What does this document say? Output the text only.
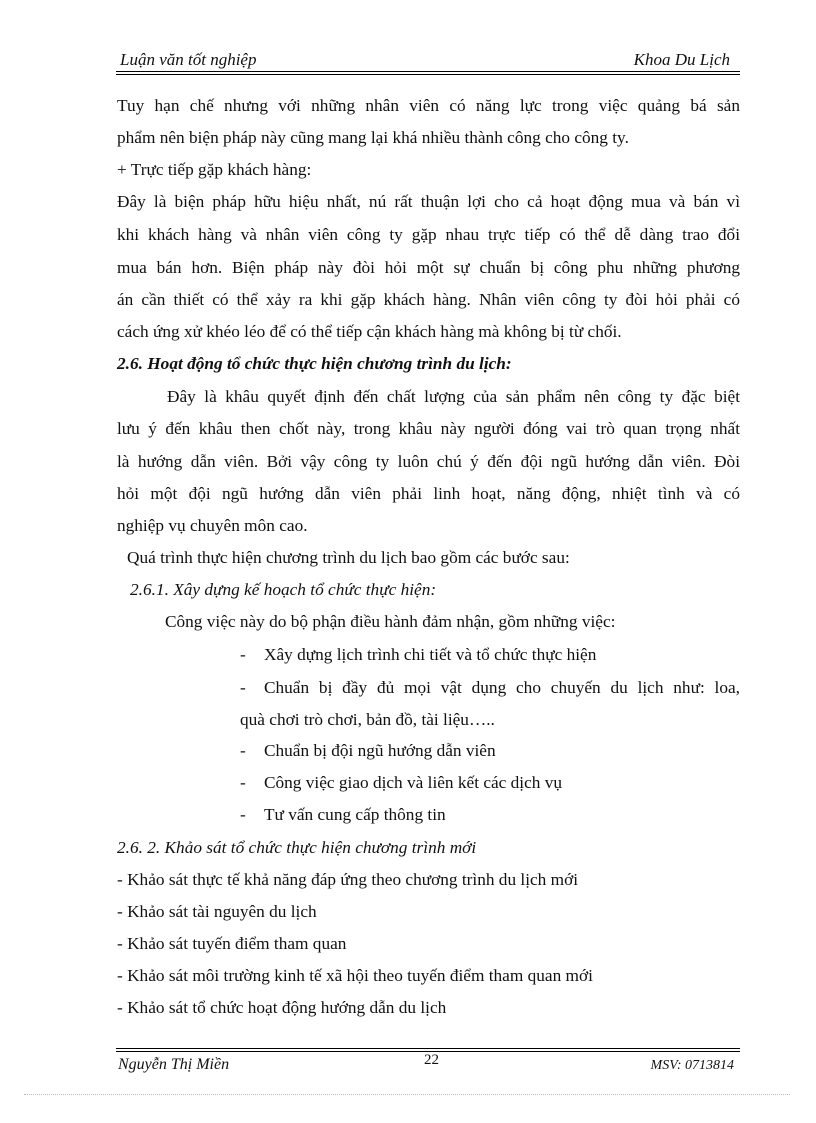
Luận văn tốt nghiệp	Khoa Du Lịch
Tuy hạn chế nhưng với những nhân viên có năng lực trong việc quảng bá sản
phẩm nên biện pháp này cũng mang lại khá nhiều thành công cho công ty.
+ Trực tiếp gặp khách hàng:
Đây là biện pháp hữu hiệu nhất, nú rất thuận lợi cho cả hoạt động mua và bán vì
khi khách hàng và nhân viên công ty gặp nhau trực tiếp có thể dễ dàng trao đổi
mua bán hơn. Biện pháp này đòi hỏi một sự chuẩn bị công phu những phương
án cần thiết có thể xảy ra khi gặp khách hàng. Nhân viên công ty đòi hỏi phải có
cách ứng xử khéo léo để có thể tiếp cận khách hàng mà không bị từ chối.
2.6. Hoạt động tổ chức thực hiện chương trình du lịch:
Đây là khâu quyết định đến chất lượng của sản phẩm nên công ty đặc biệt
lưu ý đến khâu then chốt này, trong khâu này người đóng vai trò quan trọng nhất
là hướng dẫn viên. Bởi vậy công ty luôn chú ý đến đội ngũ hướng dẫn viên. Đòi
hỏi một đội ngũ hướng dẫn viên phải linh hoạt, năng động, nhiệt tình và có
nghiệp vụ chuyên môn cao.
Quá trình thực hiện chương trình du lịch bao gồm các bước sau:
2.6.1. Xây dựng kế hoạch tổ chức thực hiện:
Công việc này do bộ phận điều hành đảm nhận, gồm những việc:
- Xây dựng lịch trình chi tiết và tổ chức thực hiện
- Chuẩn bị đầy đủ mọi vật dụng cho chuyến du lịch như: loa,
quà chơi trò chơi, bản đồ, tài liệu…..
- Chuẩn bị đội ngũ hướng dẫn viên
- Công việc giao dịch và liên kết các dịch vụ
- Tư vấn cung cấp thông tin
2.6. 2. Khảo sát tổ chức thực hiện chương trình mới
- Khảo sát thực tế khả năng đáp ứng theo chương trình du lịch mới
- Khảo sát tài nguyên du lịch
- Khảo sát tuyến điểm tham quan
- Khảo sát môi trường kinh tế xã hội theo tuyến điểm tham quan mới
- Khảo sát tổ chức hoạt động hướng dẫn du lịch
Nguyễn Thị Miền	22	MSV: 0713814
